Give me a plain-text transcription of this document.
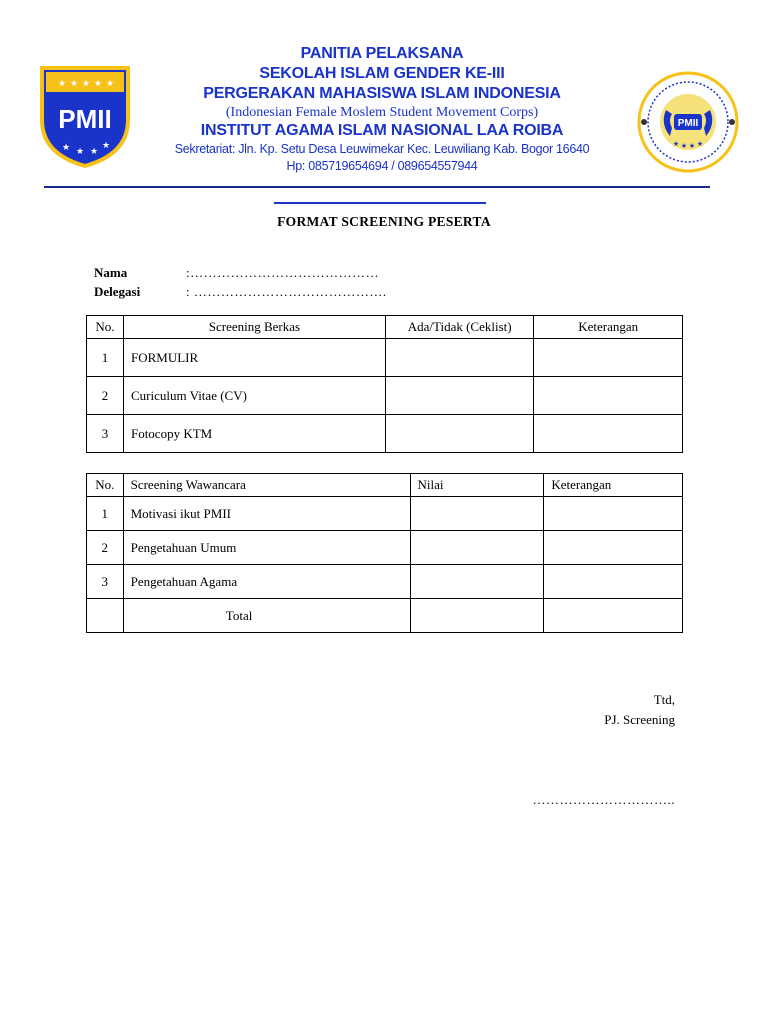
★ ★ ★ ★ ★
★ ★ ★
★
PMII	PMII
★ ★ ★ ★
PANITIA PELAKSANA
SEKOLAH ISLAM GENDER KE-III
PERGERAKAN MAHASISWA ISLAM INDONESIA
(Indonesian Female Moslem Student Movement Corps)
INSTITUT AGAMA ISLAM NASIONAL LAA ROIBA
Sekretariat: Jln. Kp. Setu Desa Leuwimekar Kec. Leuwiliang Kab. Bogor 16640
Hp: 085719654694 / 089654557944
FORMAT SCREENING PESERTA
Nama	:……………………………………
Delegasi	: …………………………………….
No.	Screening Berkas	Ada/Tidak (Ceklist)	Keterangan
1	FORMULIR		
2	Curiculum Vitae (CV)		
3	Fotocopy KTM		
No.	Screening Wawancara	Nilai	Keterangan
1	Motivasi ikut PMII		
2	Pengetahuan Umum		
3	Pengetahuan Agama		
	Total		
Ttd,
PJ. Screening
…………………………..
